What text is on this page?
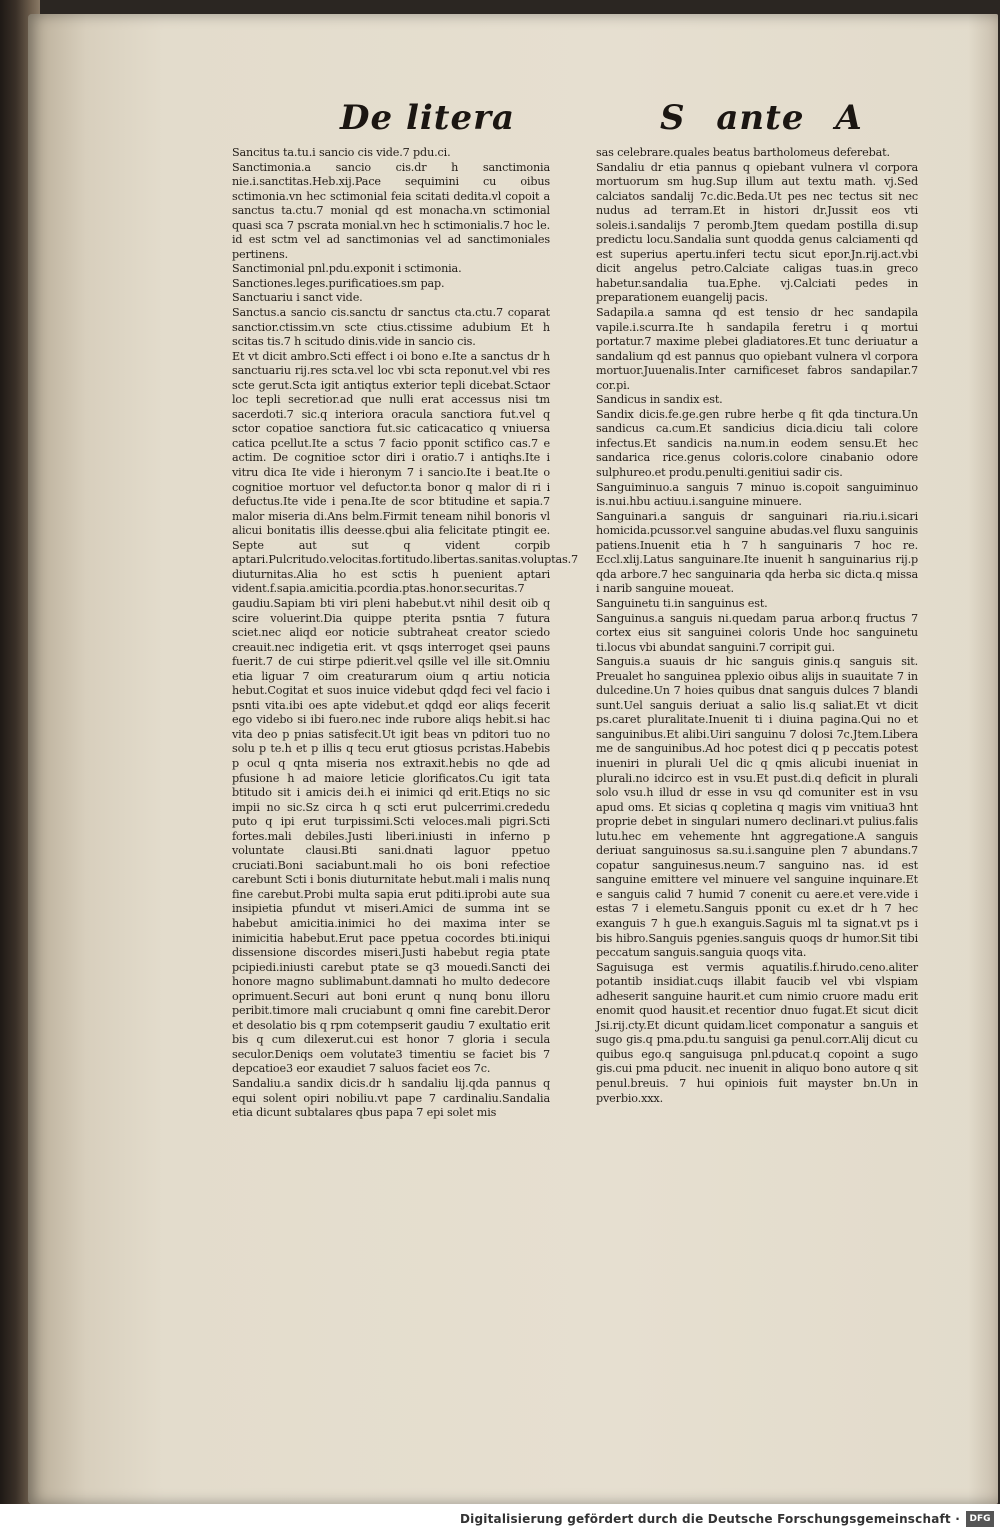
De litera	S ante A

Sancitus ta.tu.i sancio cis vide.7 pdu.ci.

Sanctimonia.a sancio cis.dr h sanctimonia nie.i.sanctitas.Heb.xij.Pace sequimini cu oibus sctimonia.vn hec sctimonial feia scitati dedita.vl copoit a sanctus ta.ctu.7 monial qd est monacha.vn sctimonial quasi sca 7 pscrata monial.vn hec h sctimonialis.7 hoc le. id est sctm vel ad sanctimonias vel ad sanctimoniales pertinens.

Sanctimonial pnl.pdu.exponit i sctimonia.

Sanctiones.leges.purificatioes.sm pap.

Sanctuariu i sanct vide.

Sanctus.a sancio cis.sanctu dr sanctus cta.ctu.7 coparat sanctior.ctissim.vn scte ctius.ctissime adubium Et h scitas tis.7 h scitudo dinis.vide in sancio cis.

Et vt dicit ambro.Scti effect i oi bono e.Ite a sanctus dr h sanctuariu rij.res scta.vel loc vbi scta reponut.vel vbi res scte gerut.Scta igit antiqtus exterior tepli dicebat.Sctaor loc tepli secretior.ad que nulli erat accessus nisi tm sacerdoti.7 sic.q interiora oracula sanctiora fut.vel q sctor copatioe sanctiora fut.sic caticacatico q vniuersa catica pcellut.Ite a sctus 7 facio pponit sctifico cas.7 e actim. De cognitioe sctor diri i oratio.7 i antiqhs.Ite i vitru dica Ite vide i hieronym 7 i sancio.Ite i beat.Ite o cognitioe mortuor vel defuctor.ta bonor q malor di ri i defuctus.Ite vide i pena.Ite de scor btitudine et sapia.7 malor miseria di.Ans belm.Firmit teneam nihil bonoris vl alicui bonitatis illis deesse.qbui alia felicitate ptingit ee. Septe aut sut q vident corpib aptari.Pulcritudo.velocitas.fortitudo.libertas.sanitas.voluptas.7 diuturnitas.Alia ho est sctis h puenient aptari vident.f.sapia.amicitia.pcordia.ptas.honor.securitas.7 gaudiu.Sapiam bti viri pleni habebut.vt nihil desit oib q scire voluerint.Dia quippe pterita psntia 7 futura sciet.nec aliqd eor noticie subtraheat creator sciedo creauit.nec indigetia erit. vt qsqs interroget qsei pauns fuerit.7 de cui stirpe pdierit.vel qsille vel ille sit.Omniu etia liguar 7 oim creaturarum oium q artiu noticia hebut.Cogitat et suos inuice videbut qdqd feci vel facio i psnti vita.ibi oes apte videbut.et qdqd eor aliqs fecerit ego videbo si ibi fuero.nec inde rubore aliqs hebit.si hac vita deo p pnias satisfecit.Ut igit beas vn pditori tuo no solu p te.h et p illis q tecu erut gtiosus pcristas.Habebis p ocul q qnta miseria nos extraxit.hebis no qde ad pfusione h ad maiore leticie glorificatos.Cu igit tata btitudo sit i amicis dei.h ei inimici qd erit.Etiqs no sic impii no sic.Sz circa h q scti erut pulcerrimi.crededu puto q ipi erut turpissimi.Scti veloces.mali pigri.Scti fortes.mali debiles.Justi liberi.iniusti in inferno p voluntate clausi.Bti sani.dnati laguor ppetuo cruciati.Boni saciabunt.mali ho ois boni refectioe carebunt Scti i bonis diuturnitate hebut.mali i malis nunq fine carebut.Probi multa sapia erut pditi.iprobi aute sua insipietia pfundut vt miseri.Amici de summa int se habebut amicitia.inimici ho dei maxima inter se inimicitia habebut.Erut pace ppetua cocordes bti.iniqui dissensione discordes miseri.Justi habebut regia ptate pcipiedi.iniusti carebut ptate se q3 mouedi.Sancti dei honore magno sublimabunt.damnati ho multo dedecore oprimuent.Securi aut boni erunt q nunq bonu illoru peribit.timore mali cruciabunt q omni fine carebit.Deror et desolatio bis q rpm cotempserit gaudiu 7 exultatio erit bis q cum dilexerut.cui est honor 7 gloria i secula seculor.Deniqs oem volutate3 timentiu se faciet bis 7 depcatioe3 eor exaudiet 7 saluos faciet eos 7c.

Sandaliu.a sandix dicis.dr h sandaliu lij.qda pannus q equi solent opiri nobiliu.vt pape 7 cardinaliu.Sandalia etia dicunt subtalares qbus papa 7 epi solet mis

sas celebrare.quales beatus bartholomeus deferebat.

Sandaliu dr etia pannus q opiebant vulnera vl corpora mortuorum sm hug.Sup illum aut textu math. vj.Sed calciatos sandalij 7c.dic.Beda.Ut pes nec tectus sit nec nudus ad terram.Et in histori dr.Jussit eos vti soleis.i.sandalijs 7 peromb.Jtem quedam postilla di.sup predictu locu.Sandalia sunt quodda genus calciamenti qd est superius apertu.inferi tectu sicut epor.Jn.rij.act.vbi dicit angelus petro.Calciate caligas tuas.in greco habetur.sandalia tua.Ephe. vj.Calciati pedes in preparationem euangelij pacis.

Sadapila.a samna qd est tensio dr hec sandapila vapile.i.scurra.Ite h sandapila feretru i q mortui portatur.7 maxime plebei gladiatores.Et tunc deriuatur a sandalium qd est pannus quo opiebant vulnera vl corpora mortuor.Juuenalis.Inter carnificeset fabros sandapilar.7 cor.pi.

Sandicus in sandix est.

Sandix dicis.fe.ge.gen rubre herbe q fit qda tinctura.Un sandicus ca.cum.Et sandicius dicia.diciu tali colore infectus.Et sandicis na.num.in eodem sensu.Et hec sandarica rice.genus coloris.colore cinabanio odore sulphureo.et produ.penulti.genitiui sadir cis.

Sanguiminuo.a sanguis 7 minuo is.copoit sanguiminuo is.nui.hbu actiuu.i.sanguine minuere.

Sanguinari.a sanguis dr sanguinari ria.riu.i.sicari homicida.pcussor.vel sanguine abudas.vel fluxu sanguinis patiens.Inuenit etia h 7 h sanguinaris 7 hoc re. Eccl.xlij.Latus sanguinare.Ite inuenit h sanguinarius rij.p qda arbore.7 hec sanguinaria qda herba sic dicta.q missa i narib sanguine moueat.

Sanguinetu ti.in sanguinus est.

Sanguinus.a sanguis ni.quedam parua arbor.q fructus 7 cortex eius sit sanguinei coloris Unde hoc sanguinetu ti.locus vbi abundat sanguini.7 corripit gui.

Sanguis.a suauis dr hic sanguis ginis.q sanguis sit. Preualet ho sanguinea pplexio oibus alijs in suauitate 7 in dulcedine.Un 7 hoies quibus dnat sanguis dulces 7 blandi sunt.Uel sanguis deriuat a salio lis.q saliat.Et vt dicit ps.caret pluralitate.Inuenit ti i diuina pagina.Qui no et sanguinibus.Et alibi.Uiri sanguinu 7 dolosi 7c.Jtem.Libera me de sanguinibus.Ad hoc potest dici q p peccatis potest inueniri in plurali Uel dic q qmis alicubi inueniat in plurali.no idcirco est in vsu.Et pust.di.q deficit in plurali solo vsu.h illud dr esse in vsu qd comuniter est in vsu apud oms. Et sicias q copletina q magis vim vnitiua3 hnt proprie debet in singulari numero declinari.vt pulius.falis lutu.hec em vehemente hnt aggregatione.A sanguis deriuat sanguinosus sa.su.i.sanguine plen 7 abundans.7 copatur sanguinesus.neum.7 sanguino nas. id est sanguine emittere vel minuere vel sanguine inquinare.Et e sanguis calid 7 humid 7 conenit cu aere.et vere.vide i estas 7 i elemetu.Sanguis pponit cu ex.et dr h 7 hec exanguis 7 h gue.h exanguis.Saguis ml ta signat.vt ps i bis hibro.Sanguis pgenies.sanguis quoqs dr humor.Sit tibi peccatum sanguis.sanguia quoqs vita.

Saguisuga est vermis aquatilis.f.hirudo.ceno.aliter potantib insidiat.cuqs illabit faucib vel vbi vlspiam adheserit sanguine haurit.et cum nimio cruore madu erit enomit quod hausit.et recentior dnuo fugat.Et sicut dicit Jsi.rij.cty.Et dicunt quidam.licet componatur a sanguis et sugo gis.q pma.pdu.tu sanguisi ga penul.corr.Alij dicut cu quibus ego.q sanguisuga pnl.pducat.q copoint a sugo gis.cui pma pducit. nec inuenit in aliquo bono autore q sit penul.breuis. 7 hui opiniois fuit mayster bn.Un in pverbio.xxx.

Digitalisierung gefördert durch die Deutsche Forschungsgemeinschaft ·	DFG
